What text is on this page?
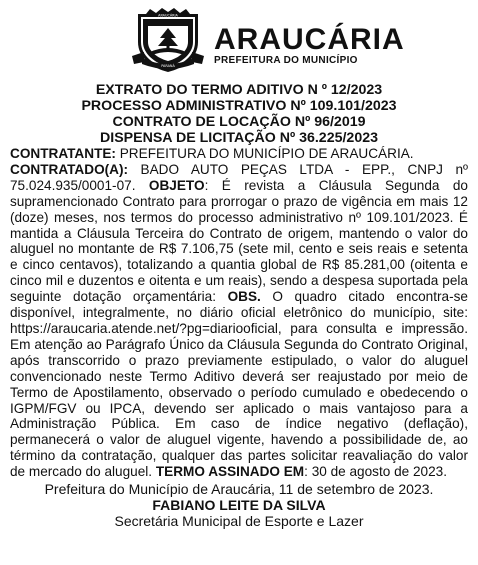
ARAUCÁRIA
PARANÁ
ARAUCÁRIA
PREFEITURA DO MUNICÍPIO
EXTRATO DO TERMO ADITIVO N º 12/2023
PROCESSO ADMINISTRATIVO Nº 109.101/2023
CONTRATO DE LOCAÇÃO Nº 96/2019
DISPENSA DE LICITAÇÃO Nº 36.225/2023
CONTRATANTE: PREFEITURA DO MUNICÍPIO DE ARAUCÁRIA.
CONTRATADO(A): BADO AUTO PEÇAS LTDA - EPP., CNPJ nº 75.024.935/0001-07. OBJETO: É revista a Cláusula Segunda do supramencionado Contrato para prorrogar o prazo de vigência em mais 12 (doze) meses, nos termos do processo administrativo nº 109.101/2023. É mantida a Cláusula Terceira do Contrato de origem, mantendo o valor do aluguel no montante de R$ 7.106,75 (sete mil, cento e seis reais e setenta e cinco centavos), totalizando a quantia global de R$ 85.281,00 (oitenta e cinco mil e duzentos e oitenta e um reais), sendo a despesa suportada pela seguinte dotação orçamentária: OBS. O quadro citado encontra-se disponível, integralmente, no diário oficial eletrônico do município, site: https://araucaria.atende.net/?pg=diariooficial, para consulta e impressão. Em atenção ao Parágrafo Único da Cláusula Segunda do Contrato Original, após transcorrido o prazo previamente estipulado, o valor do aluguel convencionado neste Termo Aditivo deverá ser reajustado por meio de Termo de Apostilamento, observado o período cumulado e obedecendo o IGPM/FGV ou IPCA, devendo ser aplicado o mais vantajoso para a Administração Pública. Em caso de índice negativo (deflação), permanecerá o valor de aluguel vigente, havendo a possibilidade de, ao término da contratação, qualquer das partes solicitar reavaliação do valor de mercado do aluguel. TERMO ASSINADO EM: 30 de agosto de 2023.
Prefeitura do Município de Araucária, 11 de setembro de 2023.
FABIANO LEITE DA SILVA
Secretária Municipal de Esporte e Lazer
